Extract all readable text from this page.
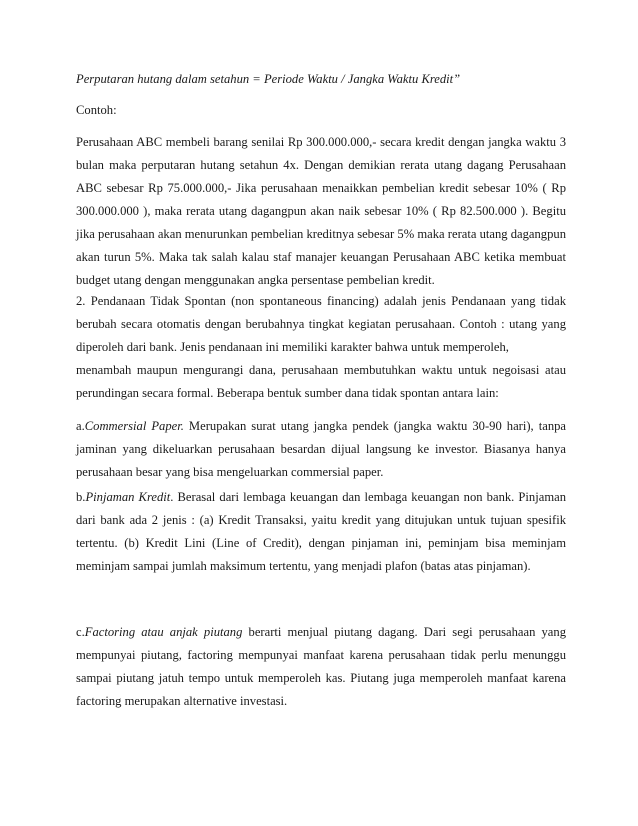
Perputaran hutang dalam setahun = Periode Waktu / Jangka Waktu Kredit”
Contoh:
Perusahaan ABC membeli barang senilai Rp 300.000.000,- secara kredit dengan jangka waktu 3
bulan maka perputaran hutang setahun 4x. Dengan demikian rerata utang dagang Perusahaan
ABC sebesar Rp 75.000.000,- Jika perusahaan menaikkan pembelian kredit sebesar 10% ( Rp
300.000.000 ), maka rerata utang dagangpun akan naik sebesar 10% ( Rp 82.500.000 ). Begitu
jika perusahaan akan menurunkan pembelian kreditnya sebesar 5% maka rerata utang dagangpun
akan turun 5%. Maka tak salah kalau staf manajer keuangan Perusahaan ABC ketika membuat
budget utang dengan menggunakan angka persentase pembelian kredit.
2. Pendanaan Tidak Spontan (non spontaneous financing) adalah jenis Pendanaan yang tidak
berubah secara otomatis dengan berubahnya tingkat kegiatan perusahaan. Contoh : utang yang
diperoleh dari bank. Jenis pendanaan ini memiliki karakter bahwa untuk memperoleh,
menambah maupun mengurangi dana, perusahaan membutuhkan waktu untuk negoisasi atau
perundingan secara formal. Beberapa bentuk sumber dana tidak spontan antara lain:
a.Commersial Paper. Merupakan surat utang jangka pendek (jangka waktu 30-90 hari), tanpa
jaminan yang dikeluarkan perusahaan besardan dijual langsung ke investor. Biasanya hanya
perusahaan besar yang bisa mengeluarkan commersial paper.
b.Pinjaman Kredit. Berasal dari lembaga keuangan dan lembaga keuangan non bank. Pinjaman
dari bank ada 2 jenis : (a) Kredit Transaksi, yaitu kredit yang ditujukan untuk tujuan spesifik
tertentu. (b) Kredit Lini (Line of Credit), dengan pinjaman ini, peminjam bisa meminjam
meminjam sampai jumlah maksimum tertentu, yang menjadi plafon (batas atas pinjaman).
c.Factoring atau anjak piutang berarti menjual piutang dagang. Dari segi perusahaan yang
mempunyai piutang, factoring mempunyai manfaat karena perusahaan tidak perlu menunggu
sampai piutang jatuh tempo untuk memperoleh kas. Piutang juga memperoleh manfaat karena
factoring merupakan alternative investasi.
